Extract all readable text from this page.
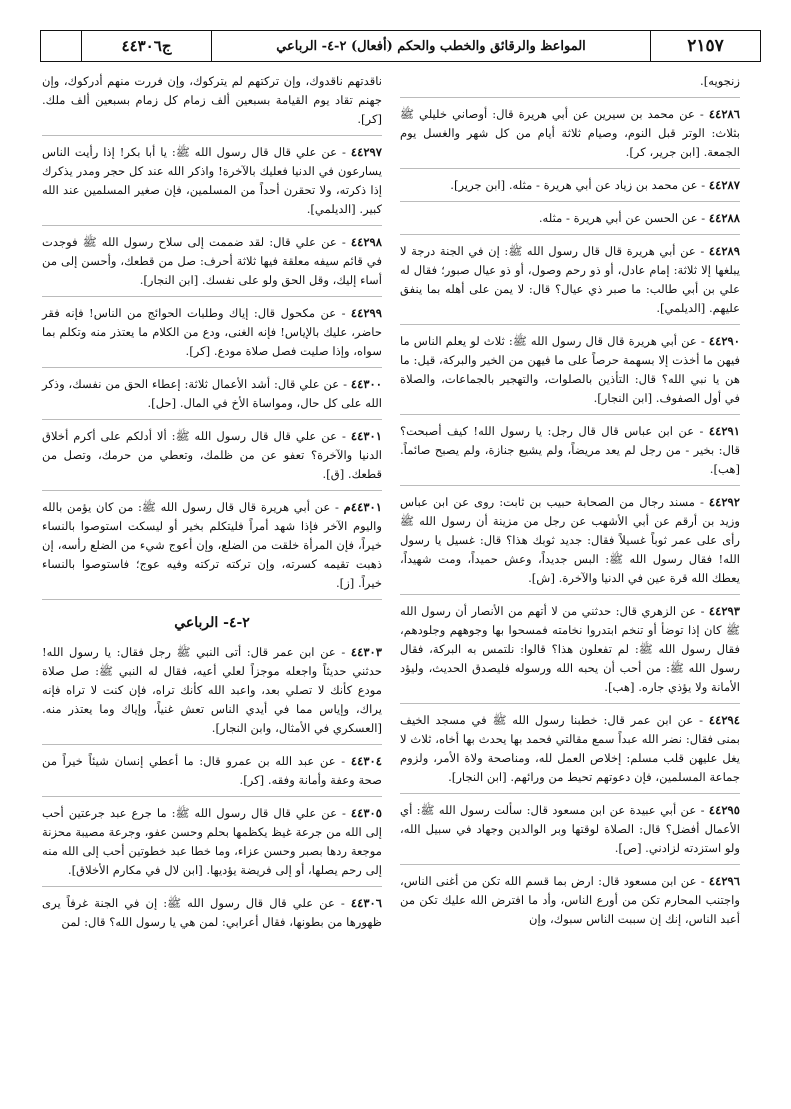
٢١٥٧
المواعظ والرقائق والخطب والحكم (أفعال) ٢-٤- الرباعي
ج٤٤٣٠٦
زنجويه].
٤٤٢٨٦ - عن محمد بن سيرين عن أبي هريرة قال: أوصاني خليلي ﷺ بثلاث: الوتر قبل النوم، وصيام ثلاثة أيام من كل شهر والغسل يوم الجمعة. [ابن جرير، كر].
٤٤٢٨٧ - عن محمد بن زياد عن أبي هريرة - مثله. [ابن جرير].
٤٤٢٨٨ - عن الحسن عن أبي هريرة - مثله.
٤٤٢٨٩ - عن أبي هريرة قال قال رسول الله ﷺ: إن في الجنة درجة لا يبلغها إلا ثلاثة: إمام عادل، أو ذو رحم وصول، أو ذو عيال صبور؛ فقال له علي بن أبي طالب: ما صبر ذي عيال؟ قال: لا يمن على أهله بما ينفق عليهم. [الديلمي].
٤٤٢٩٠ - عن أبي هريرة قال قال رسول الله ﷺ: ثلاث لو يعلم الناس ما فيهن ما أخذت إلا بسهمة حرصاً على ما فيهن من الخير والبركة، قيل: ما هن يا نبي الله؟ قال: التأذين بالصلوات، والتهجير بالجماعات، والصلاة في أول الصفوف. [ابن النجار].
٤٤٢٩١ - عن ابن عباس قال قال رجل: يا رسول الله! كيف أصبحت؟ قال: بخير - من رجل لم يعد مريضاً، ولم يشيع جنازة، ولم يصبح صائماً. [هب].
٤٤٢٩٢ - مسند رجال من الصحابة حبيب بن ثابت: روى عن ابن عباس وزيد بن أرقم عن أبي الأشهب عن رجل من مزينة أن رسول الله ﷺ رأى على عمر ثوباً غسيلاً فقال: جديد ثوبك هذا؟ قال: غسيل يا رسول الله! فقال رسول الله ﷺ: البس جديداً، وعش حميداً، ومت شهيداً، يعطك الله قرة عين في الدنيا والآخرة. [ش].
٤٤٢٩٣ - عن الزهري قال: حدثني من لا أتهم من الأنصار أن رسول الله ﷺ كان إذا توضأ أو تنخم ابتدروا نخامته فمسحوا بها وجوههم وجلودهم، فقال رسول الله ﷺ: لم تفعلون هذا؟ قالوا: نلتمس به البركة، فقال رسول الله ﷺ: من أحب أن يحبه الله ورسوله فليصدق الحديث، وليؤد الأمانة ولا يؤذي جاره. [هب].
٤٤٢٩٤ - عن ابن عمر قال: خطبنا رسول الله ﷺ في مسجد الخيف بمنى فقال: نضر الله عبداً سمع مقالتي فحمد بها يحدث بها أخاه، ثلاث لا يغل عليهن قلب مسلم: إخلاص العمل لله، ومناصحة ولاة الأمر، ولزوم جماعة المسلمين، فإن دعوتهم تحيط من ورائهم. [ابن النجار].
٤٤٢٩٥ - عن أبي عبيدة عن ابن مسعود قال: سألت رسول الله ﷺ: أي الأعمال أفضل؟ قال: الصلاة لوقتها وبر الوالدين وجهاد في سبيل الله، ولو استزدته لزادني. [ص].
٤٤٢٩٦ - عن ابن مسعود قال: ارض بما قسم الله تكن من أغنى الناس، واجتنب المحارم تكن من أورع الناس، وأد ما افترض الله عليك تكن من أعبد الناس، إنك إن سببت الناس سبوك، وإن
ناقدتهم ناقدوك، وإن تركتهم لم يتركوك، وإن فررت منهم أدركوك، وإن جهنم تقاد يوم القيامة بسبعين ألف زمام كل زمام بسبعين ألف ملك. [كر].
٤٤٢٩٧ - عن علي قال قال رسول الله ﷺ: يا أبا بكر! إذا رأيت الناس يسارعون في الدنيا فعليك بالآخرة! واذكر الله عند كل حجر ومدر يذكرك إذا ذكرته، ولا تحقرن أحداً من المسلمين، فإن صغير المسلمين عند الله كبير. [الديلمي].
٤٤٢٩٨ - عن علي قال: لقد ضممت إلى سلاح رسول الله ﷺ فوجدت في قائم سيفه معلقة فيها ثلاثة أحرف: صل من قطعك، وأحسن إلى من أساء إليك، وقل الحق ولو على نفسك. [ابن النجار].
٤٤٢٩٩ - عن مكحول قال: إياك وطلبات الحوائج من الناس! فإنه فقر حاضر، عليك بالإياس! فإنه الغنى، ودع من الكلام ما يعتذر منه وتكلم بما سواه، وإذا صليت فصل صلاة مودع. [كر].
٤٤٣٠٠ - عن علي قال: أشد الأعمال ثلاثة: إعطاء الحق من نفسك، وذكر الله على كل حال، ومواساة الأخ في المال. [حل].
٤٤٣٠١ - عن علي قال قال رسول الله ﷺ: ألا أدلكم على أكرم أخلاق الدنيا والآخرة؟ تعفو عن من ظلمك، وتعطي من حرمك، وتصل من قطعك. [ق].
٤٤٣٠١م - عن أبي هريرة قال قال رسول الله ﷺ: من كان يؤمن بالله واليوم الآخر فإذا شهد أمراً فليتكلم بخير أو ليسكت استوصوا بالنساء خيراً، فإن المرأة خلقت من الضلع، وإن أعوج شيء من الضلع رأسه، إن ذهبت تقيمه كسرته، وإن تركته تركته وفيه عوج؛ فاستوصوا بالنساء خيراً. [ز].
٢-٤- الرباعي
٤٤٣٠٣ - عن ابن عمر قال: أتى النبي ﷺ رجل فقال: يا رسول الله! حدثني حديثاً واجعله موجزاً لعلي أعيه، فقال له النبي ﷺ: صل صلاة مودع كأنك لا تصلي بعد، واعبد الله كأنك تراه، فإن كنت لا تراه فإنه يراك، وإياس مما في أيدي الناس تعش غنياً، وإياك وما يعتذر منه. [العسكري في الأمثال، وابن النجار].
٤٤٣٠٤ - عن عبد الله بن عمرو قال: ما أعطي إنسان شيئاً خيراً من صحة وعفة وأمانة وفقه. [كر].
٤٤٣٠٥ - عن علي قال قال رسول الله ﷺ: ما جرع عبد جرعتين أحب إلى الله من جرعة غيظ يكظمها بحلم وحسن عفو، وجرعة مصيبة محزنة موجعة ردها بصبر وحسن عزاء، وما خطا عبد خطوتين أحب إلى الله منه إلى رحم يصلها، أو إلى فريضة يؤديها. [ابن لال في مكارم الأخلاق].
٤٤٣٠٦ - عن علي قال قال رسول الله ﷺ: إن في الجنة غرفاً يرى ظهورها من بطونها، فقال أعرابي: لمن هي يا رسول الله؟ قال: لمن
